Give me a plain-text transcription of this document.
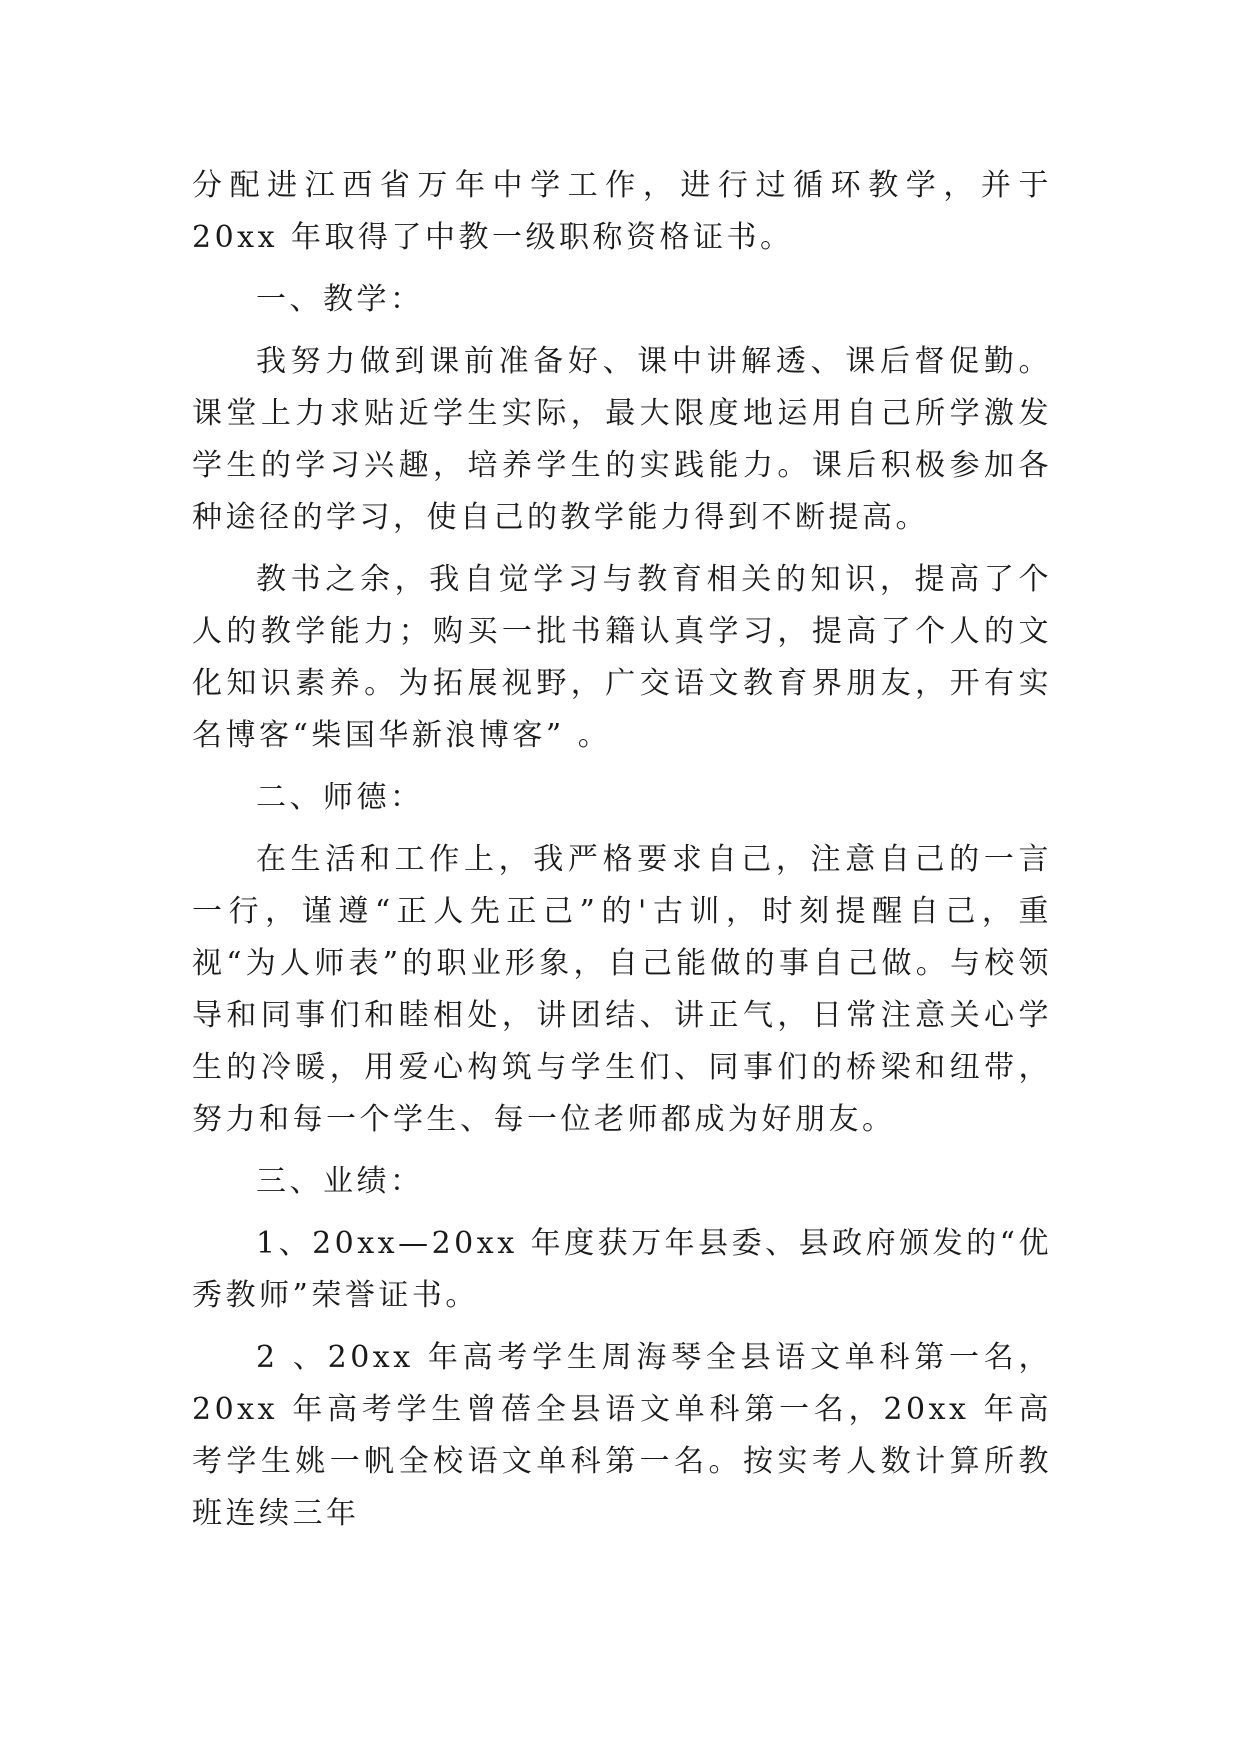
分配进江西省万年中学工作，进行过循环教学，并于 20xx 年取得了中教一级职称资格证书。

一、教学：

我努力做到课前准备好、课中讲解透、课后督促勤。课堂上力求贴近学生实际，最大限度地运用自己所学激发学生的学习兴趣，培养学生的实践能力。课后积极参加各种途径的学习，使自己的教学能力得到不断提高。

教书之余，我自觉学习与教育相关的知识，提高了个人的教学能力；购买一批书籍认真学习，提高了个人的文化知识素养。为拓展视野，广交语文教育界朋友，开有实名博客“柴国华新浪博客” 。

二、师德：

在生活和工作上，我严格要求自己，注意自己的一言一行，谨遵“正人先正己”的'古训，时刻提醒自己，重视“为人师表”的职业形象，自己能做的事自己做。与校领导和同事们和睦相处，讲团结、讲正气，日常注意关心学生的冷暖，用爱心构筑与学生们、同事们的桥梁和纽带，努力和每一个学生、每一位老师都成为好朋友。

三、业绩：

1、20xx—20xx 年度获万年县委、县政府颁发的“优秀教师”荣誉证书。

2 、20xx 年高考学生周海琴全县语文单科第一名，20xx 年高考学生曾蓓全县语文单科第一名，20xx 年高考学生姚一帆全校语文单科第一名。按实考人数计算所教班连续三年
